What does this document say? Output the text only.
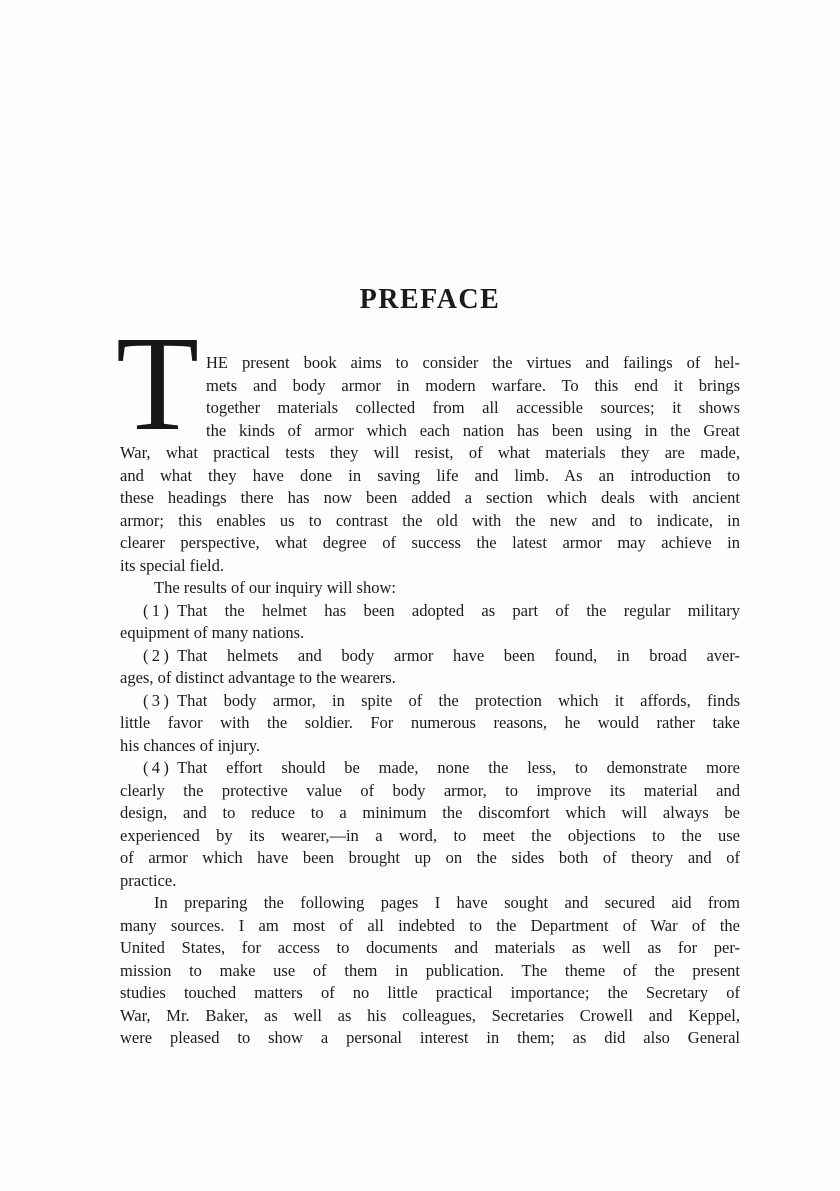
PREFACE
T HE present book aims to consider the virtues and failings of hel-
mets and body armor in modern warfare. To this end it brings
together materials collected from all accessible sources; it shows
the kinds of armor which each nation has been using in the Great
War, what practical tests they will resist, of what materials they are made,
and what they have done in saving life and limb. As an introduction to
these headings there has now been added a section which deals with ancient
armor; this enables us to contrast the old with the new and to indicate, in
clearer perspective, what degree of success the latest armor may achieve in
its special field.
The results of our inquiry will show:
( 1 ) That the helmet has been adopted as part of the regular military
equipment of many nations.
( 2 ) That helmets and body armor have been found, in broad aver-
ages, of distinct advantage to the wearers.
( 3 ) That body armor, in spite of the protection which it affords, finds
little favor with the soldier. For numerous reasons, he would rather take
his chances of injury.
( 4 ) That effort should be made, none the less, to demonstrate more
clearly the protective value of body armor, to improve its material and
design, and to reduce to a minimum the discomfort which will always be
experienced by its wearer,—in a word, to meet the objections to the use
of armor which have been brought up on the sides both of theory and of
practice.
In preparing the following pages I have sought and secured aid from
many sources. I am most of all indebted to the Department of War of the
United States, for access to documents and materials as well as for per-
mission to make use of them in publication. The theme of the present
studies touched matters of no little practical importance; the Secretary of
War, Mr. Baker, as well as his colleagues, Secretaries Crowell and Keppel,
were pleased to show a personal interest in them; as did also General
